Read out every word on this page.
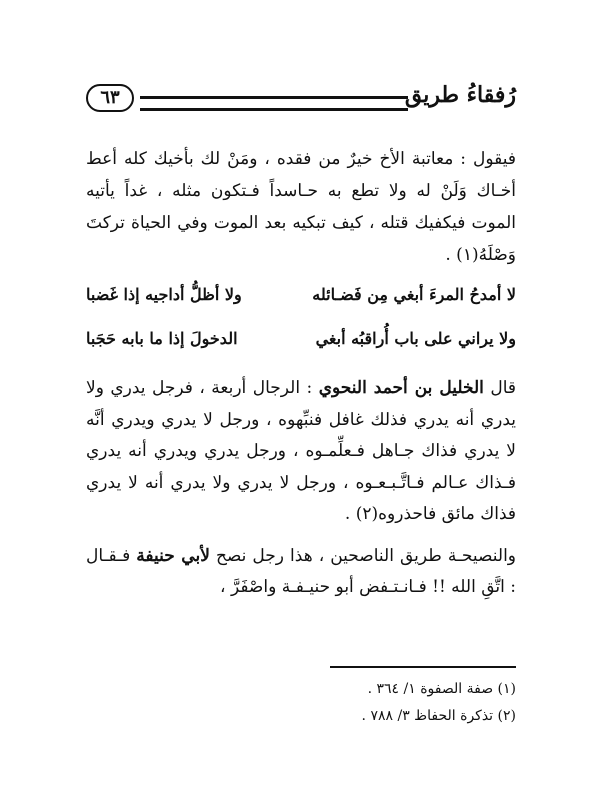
رُفقاءُ طريق
٦٣

فيقول : معاتبة الأخ خيرٌ من فقده ، ومَنْ لك بأخيك كله أعط أخـاك وَلَنْ له ولا تطع به حـاسداً فـتكون مثله ، غداً يأتيه الموت فيكفيك قتله ، كيف تبكيه بعد الموت وفي الحياة تركتَ وَصْلَهُ(١) .

لا أمدحُ المرءَ أبغي مِن فَضـائله
ولا أظلُّ أداجيه إذا غَضبا
ولا يراني على باب أُراقبُه أبغي
الدخولَ إذا ما بابه حَجَبا

قال الخليل بن أحمد النحوي : الرجال أربعة ، فرجل يدري ولا يدري أنه يدري فذلك غافل فنبِّهوه ، ورجل لا يدري ويدري أنَّه لا يدري فذاك جـاهل فـعلِّمـوه ، ورجل يدري ويدري أنه يدري فـذاك عـالم فـاتَّـبـعـوه ، ورجل لا يدري ولا يدري أنه لا يدري فذاك مائق فاحذروه(٢) .

والنصيحـة طريق الناصحين ، هذا رجل نصح لأبي حنيفة فـقـال : اتَّقِ الله !! فـانـتـفض أبو حنيـفـة واصْفَرَّ ،

(١) صفة الصفوة ١/ ٣٦٤ .
(٢) تذكرة الحفاظ ٣/ ٧٨٨ .
